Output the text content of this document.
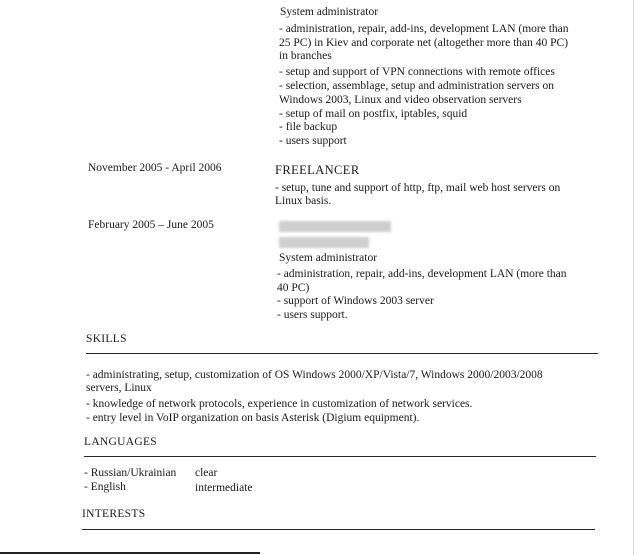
System administrator
- administration, repair, add-ins, development LAN (more than
25 PC) in Kiev and corporate net (altogether more than 40 PC)
in branches
- setup and support of VPN connections with remote offices
- selection, assemblage, setup and administration servers on
Windows 2003, Linux and video observation servers
- setup of mail on postfix, iptables, squid
- file backup
- users support
November 2005 - April 2006	FREELANCER
- setup, tune and support of http, ftp, mail web host servers on
Linux basis.
February 2005 – June 2005
System administrator
- administration, repair, add-ins, development LAN (more than
40 PC)
- support of Windows 2003 server
- users support.
SKILLS
- administrating, setup, customization of OS Windows 2000/XP/Vista/7, Windows 2000/2003/2008
servers, Linux
- knowledge of network protocols, experience in customization of network services.
- entry level in VoIP organization on basis Asterisk (Digium equipment).
LANGUAGES
- Russian/Ukrainian clear
- English	intermediate
INTERESTS
